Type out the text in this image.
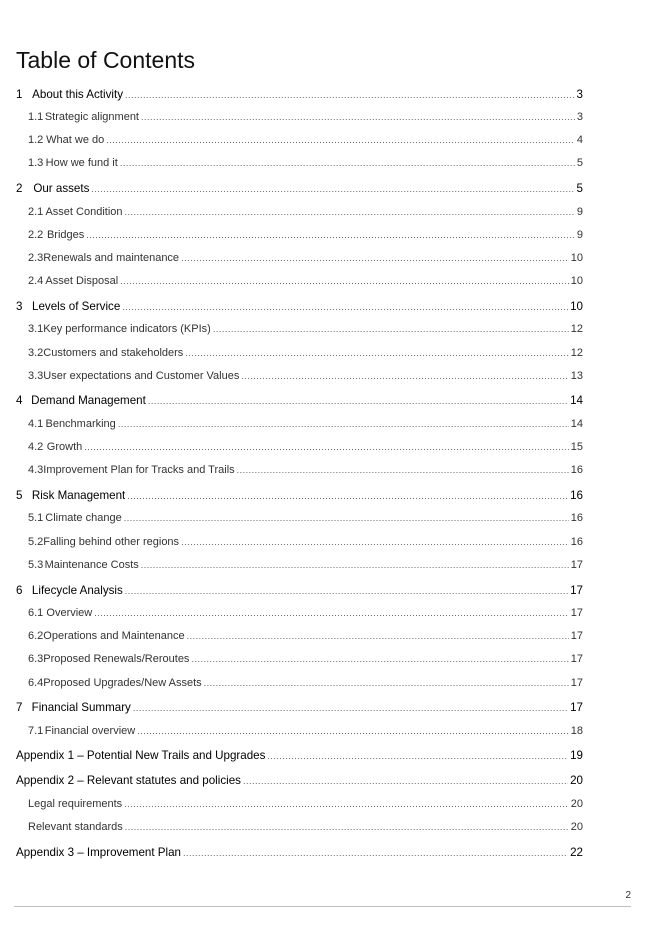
Table of Contents
1 About this Activity .....	3
1.1 Strategic alignment .....	3
1.2 What we do .....	4
1.3 How we fund it .....	5
2 Our assets .....	5
2.1 Asset Condition .....	9
2.2 Bridges .....	9
2.3 Renewals and maintenance .....	10
2.4 Asset Disposal .....	10
3 Levels of Service .....	10
3.1 Key performance indicators (KPIs) .....	12
3.2 Customers and stakeholders .....	12
3.3 User expectations and Customer Values .....	13
4 Demand Management .....	14
4.1 Benchmarking .....	14
4.2 Growth .....	15
4.3 Improvement Plan for Tracks and Trails .....	16
5 Risk Management .....	16
5.1 Climate change .....	16
5.2 Falling behind other regions .....	16
5.3 Maintenance Costs .....	17
6 Lifecycle Analysis .....	17
6.1 Overview .....	17
6.2 Operations and Maintenance .....	17
6.3 Proposed Renewals/Reroutes .....	17
6.4 Proposed Upgrades/New Assets .....	17
7 Financial Summary .....	17
7.1 Financial overview .....	18
Appendix 1 – Potential New Trails and Upgrades .....	19
Appendix 2 – Relevant statutes and policies .....	20
Legal requirements .....	20
Relevant standards .....	20
Appendix 3 – Improvement Plan .....	22
2
